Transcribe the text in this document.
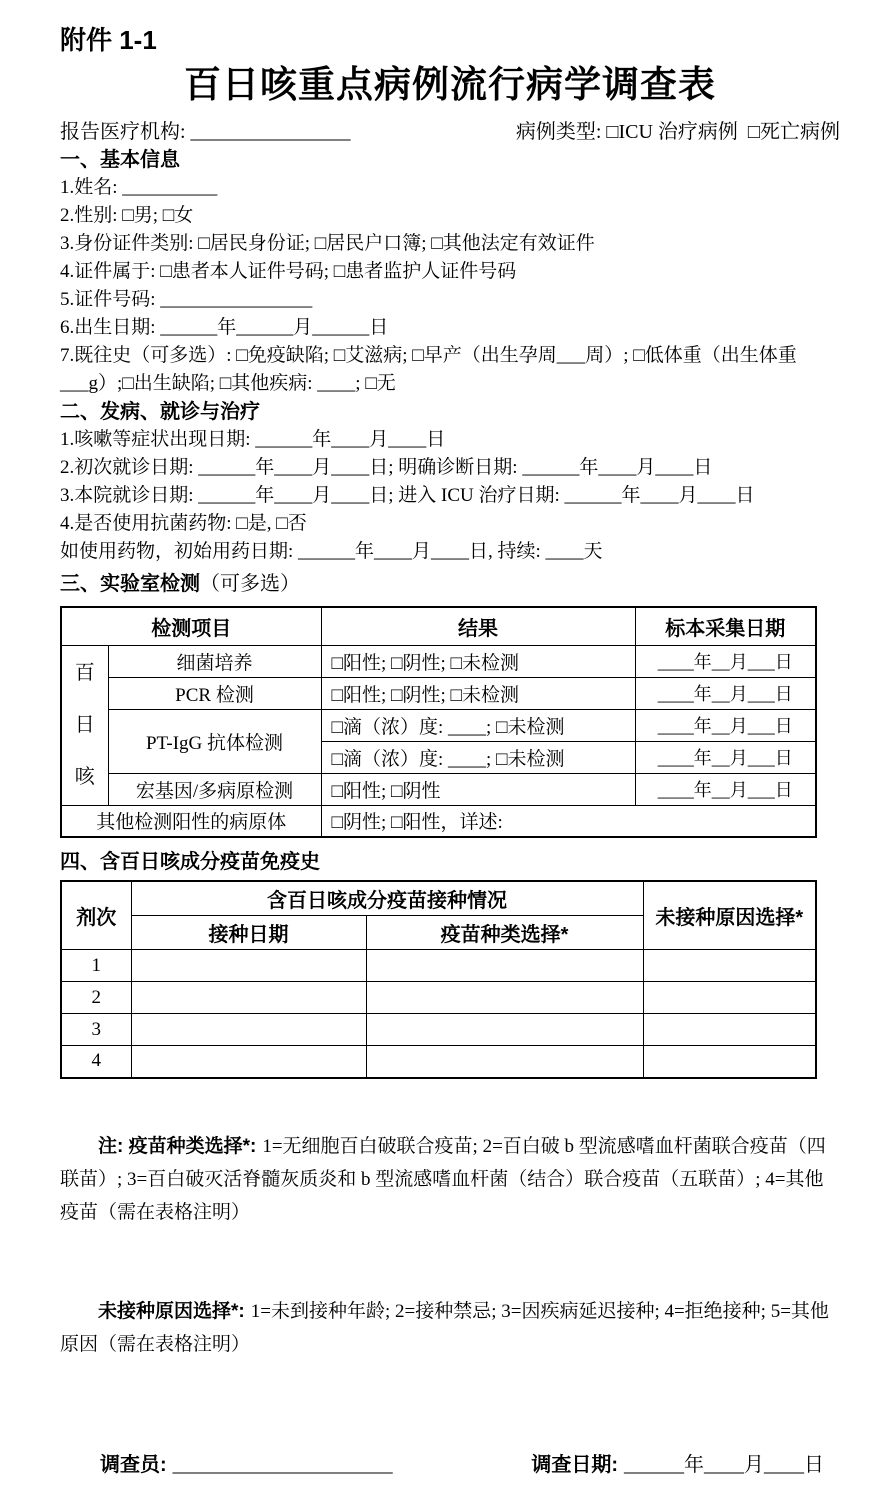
附件 1-1
百日咳重点病例流行病学调查表
报告医疗机构: ________________	病例类型: □ICU 治疗病例  □死亡病例
一、基本信息
1.姓名: __________
2.性别: □男; □女
3.身份证件类别: □居民身份证; □居民户口簿; □其他法定有效证件
4.证件属于: □患者本人证件号码; □患者监护人证件号码
5.证件号码: ________________
6.出生日期: ______年______月______日
7.既往史（可多选）: □免疫缺陷; □艾滋病; □早产（出生孕周___周）; □低体重（出生体重___g）;□出生缺陷; □其他疾病: ____; □无
二、发病、就诊与治疗
1.咳嗽等症状出现日期: ______年____月____日
2.初次就诊日期: ______年____月____日; 明确诊断日期: ______年____月____日
3.本院就诊日期: ______年____月____日; 进入 ICU 治疗日期: ______年____月____日
4.是否使用抗菌药物: □是, □否
如使用药物，初始用药日期: ______年____月____日, 持续: ____天
三、实验室检测（可多选）
检测项目		结果	标本采集日期

百日咳	细菌培养	□阳性; □阴性; □未检测	____年__月___日
	PCR 检测	□阳性; □阴性; □未检测	____年__月___日
	PT-IgG 抗体检测	□滴（浓）度: ____; □未检测	____年__月___日
		□滴（浓）度: ____; □未检测	____年__月___日
	宏基因/多病原检测	□阳性; □阴性	____年__月___日
其他检测阳性的病原体		□阴性; □阳性，详述:	
四、含百日咳成分疫苗免疫史
剂次	含百日咳成分疫苗接种情况		未接种原因选择*
	接种日期	疫苗种类选择*	
1			
2			
3			
4			

注: 疫苗种类选择*: 1=无细胞百白破联合疫苗; 2=百白破 b 型流感嗜血杆菌联合疫苗（四联苗）; 3=百白破灭活脊髓灰质炎和 b 型流感嗜血杆菌（结合）联合疫苗（五联苗）; 4=其他疫苗（需在表格注明）

未接种原因选择*: 1=未到接种年龄; 2=接种禁忌; 3=因疾病延迟接种; 4=拒绝接种; 5=其他原因（需在表格注明）

调查员: ______________________
	调查日期: ______年____月____日
